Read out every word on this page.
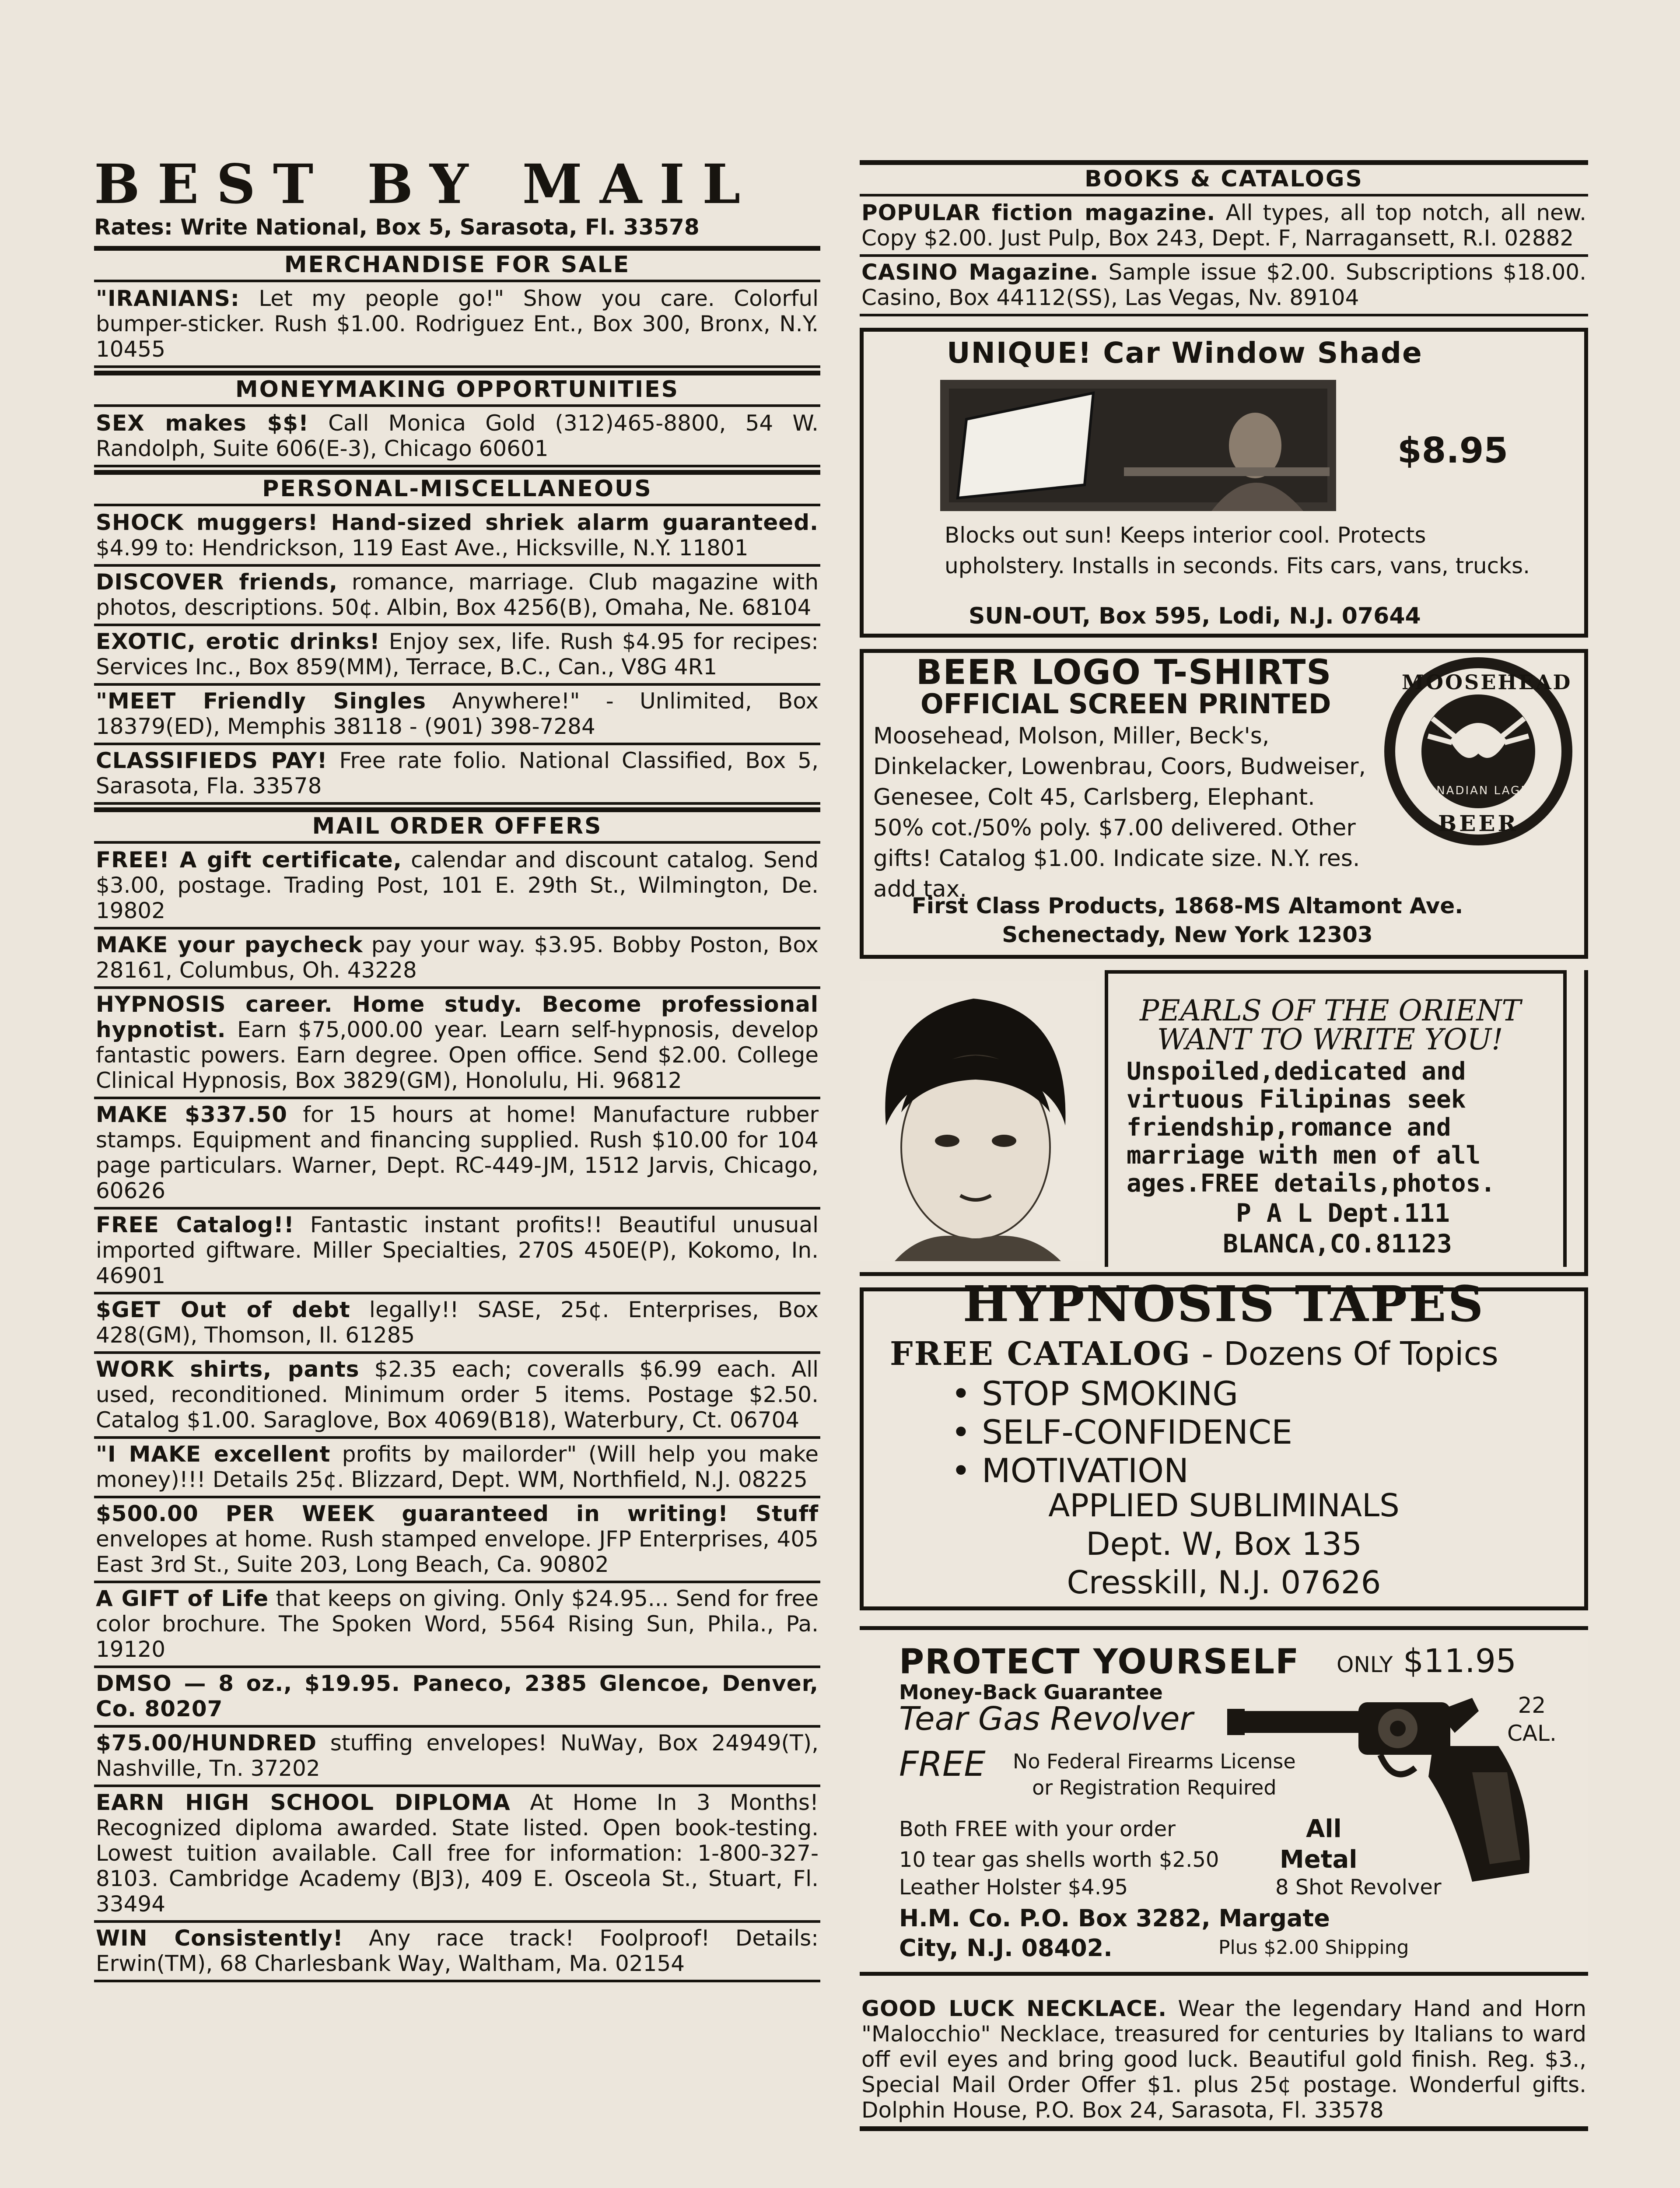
BEST BY MAIL
Rates: Write National, Box 5, Sarasota, Fl. 33578
MERCHANDISE FOR SALE
"IRANIANS: Let my people go!" Show you care. Colorful bumper-sticker. Rush $1.00. Rodriguez Ent., Box 300, Bronx, N.Y. 10455
MONEYMAKING OPPORTUNITIES
SEX makes $$! Call Monica Gold (312)465-8800, 54 W. Randolph, Suite 606(E-3), Chicago 60601
PERSONAL-MISCELLANEOUS
SHOCK muggers! Hand-sized shriek alarm guaranteed. $4.99 to: Hendrickson, 119 East Ave., Hicksville, N.Y. 11801
DISCOVER friends, romance, marriage. Club magazine with photos, descriptions. 50¢. Albin, Box 4256(B), Omaha, Ne. 68104
EXOTIC, erotic drinks! Enjoy sex, life. Rush $4.95 for recipes: Services Inc., Box 859(MM), Terrace, B.C., Can., V8G 4R1
"MEET Friendly Singles Anywhere!" - Unlimited, Box 18379(ED), Memphis 38118 - (901) 398-7284
CLASSIFIEDS PAY! Free rate folio. National Classified, Box 5, Sarasota, Fla. 33578
MAIL ORDER OFFERS
FREE! A gift certificate, calendar and discount catalog. Send $3.00, postage. Trading Post, 101 E. 29th St., Wilmington, De. 19802
MAKE your paycheck pay your way. $3.95. Bobby Poston, Box 28161, Columbus, Oh. 43228
HYPNOSIS career. Home study. Become professional hypnotist. Earn $75,000.00 year. Learn self-hypnosis, develop fantastic powers. Earn degree. Open office. Send $2.00. College Clinical Hypnosis, Box 3829(GM), Honolulu, Hi. 96812
MAKE $337.50 for 15 hours at home! Manufacture rubber stamps. Equipment and financing supplied. Rush $10.00 for 104 page particulars. Warner, Dept. RC-449-JM, 1512 Jarvis, Chicago, 60626
FREE Catalog!! Fantastic instant profits!! Beautiful unusual imported giftware. Miller Specialties, 270S 450E(P), Kokomo, In. 46901
$GET Out of debt legally!! SASE, 25¢. Enterprises, Box 428(GM), Thomson, Il. 61285
WORK shirts, pants $2.35 each; coveralls $6.99 each. All used, reconditioned. Minimum order 5 items. Postage $2.50. Catalog $1.00. Saraglove, Box 4069(B18), Waterbury, Ct. 06704
"I MAKE excellent profits by mailorder" (Will help you make money)!!! Details 25¢. Blizzard, Dept. WM, Northfield, N.J. 08225
$500.00 PER WEEK guaranteed in writing! Stuff envelopes at home. Rush stamped envelope. JFP Enterprises, 405 East 3rd St., Suite 203, Long Beach, Ca. 90802
A GIFT of Life that keeps on giving. Only $24.95... Send for free color brochure. The Spoken Word, 5564 Rising Sun, Phila., Pa. 19120
DMSO — 8 oz., $19.95. Paneco, 2385 Glencoe, Denver, Co. 80207
$75.00/HUNDRED stuffing envelopes! NuWay, Box 24949(T), Nashville, Tn. 37202
EARN HIGH SCHOOL DIPLOMA At Home In 3 Months! Recognized diploma awarded. State listed. Open book-testing. Lowest tuition available. Call free for information: 1-800-327-8103. Cambridge Academy (BJ3), 409 E. Osceola St., Stuart, Fl. 33494
WIN Consistently! Any race track! Foolproof! Details: Erwin(TM), 68 Charlesbank Way, Waltham, Ma. 02154
BOOKS & CATALOGS
POPULAR fiction magazine. All types, all top notch, all new. Copy $2.00. Just Pulp, Box 243, Dept. F, Narragansett, R.I. 02882
CASINO Magazine. Sample issue $2.00. Subscriptions $18.00. Casino, Box 44112(SS), Las Vegas, Nv. 89104
UNIQUE! Car Window Shade
$8.95
Blocks out sun! Keeps interior cool. Protects upholstery. Installs in seconds. Fits cars, vans, trucks.
SUN-OUT, Box 595, Lodi, N.J. 07644
BEER LOGO T-SHIRTS
OFFICIAL SCREEN PRINTED
Moosehead, Molson, Miller, Beck's, Dinkelacker, Lowenbrau, Coors, Budweiser, Genesee, Colt 45, Carlsberg, Elephant. 50% cot./50% poly. $7.00 delivered. Other gifts! Catalog $1.00. Indicate size. N.Y. res. add tax.
MOOSEHEAD
CANADIAN LAGER
BEER
First Class Products, 1868-MS Altamont Ave.
Schenectady, New York 12303
PEARLS OF THE ORIENT
WANT TO WRITE YOU!
Unspoiled,dedicated and virtuous Filipinas seek friendship,romance and marriage with men of all ages.FREE details,photos.
P A L Dept.111
BLANCA,CO.81123
HYPNOSIS TAPES
FREE CATALOG - Dozens Of Topics
• STOP SMOKING
• SELF-CONFIDENCE
• MOTIVATION
APPLIED SUBLIMINALS
Dept. W, Box 135
Cresskill, N.J. 07626
PROTECT YOURSELF ONLY $11.95
Money-Back Guarantee
Tear Gas Revolver
FREE No Federal Firearms License
or Registration Required
22
CAL.
Both FREE with your order
10 tear gas shells worth $2.50
All
Metal
Leather Holster $4.95	8 Shot Revolver
H.M. Co. P.O. Box 3282, Margate
City, N.J. 08402.	Plus $2.00 Shipping
GOOD LUCK NECKLACE. Wear the legendary Hand and Horn "Malocchio" Necklace, treasured for centuries by Italians to ward off evil eyes and bring good luck. Beautiful gold finish. Reg. $3., Special Mail Order Offer $1. plus 25¢ postage. Wonderful gifts. Dolphin House, P.O. Box 24, Sarasota, Fl. 33578
